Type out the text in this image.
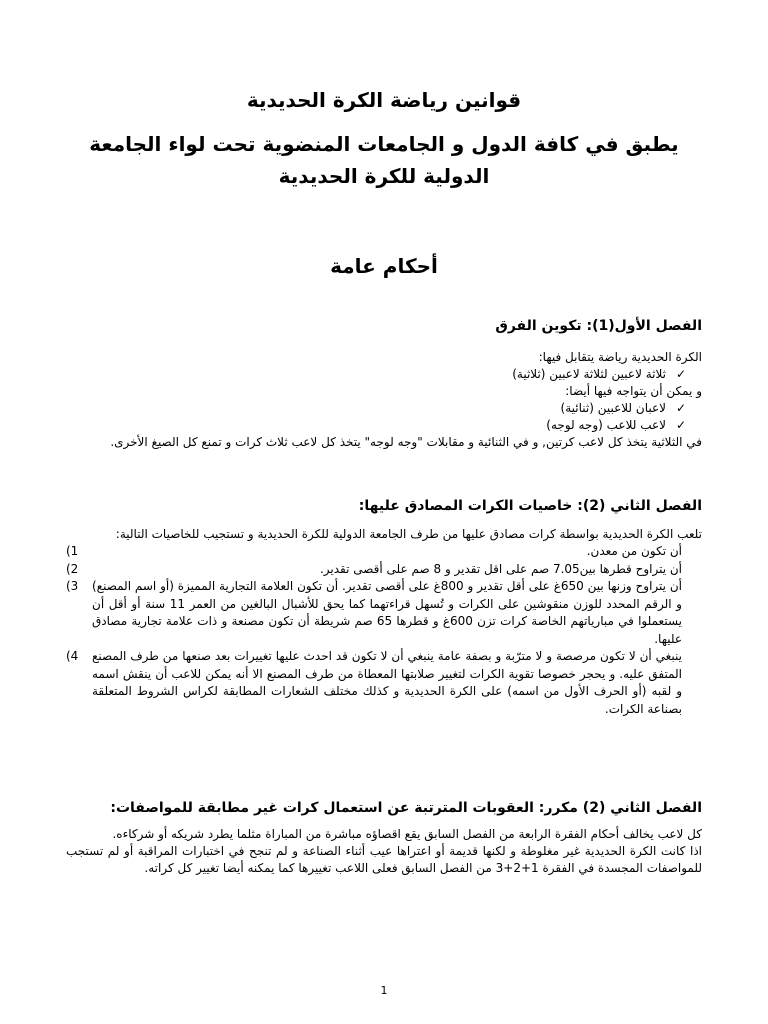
قوانين رياضة الكرة الحديدية

يطبق في كافة الدول و الجامعات المنضوية تحت لواء الجامعة الدولية للكرة الحديدية

أحكام عامة

الفصل الأول(1): تكوين الفرق

الكرة الحديدية رياضة يتقابل فيها:

✓
ثلاثة لاعبين لثلاثة لاعبين (ثلاثية)

و يمكن أن يتواجه فيها أيضا:

✓
لاعبان للاعبين (ثنائية)
✓
لاعب للاعب (وجه لوجه)

في الثلاثية يتخذ كل لاعب كرتين, و في الثنائية و مقابلات "وجه لوجه" يتخذ كل لاعب ثلاث كرات و تمنع كل الصيغ الأخرى.

الفصل الثاني (2): خاصيات الكرات المصادق عليها:

تلعب الكرة الحديدية بواسطة كرات مصادق عليها من طرف الجامعة الدولية للكرة الحديدية و تستجيب للخاصيات التالية:

(1	أن تكون من معدن.
(2	أن يتراوح قطرها بين7.05 صم على اقل تقدير و 8 صم على أقصى تقدير.
(3 أن يتراوح وزنها بين 650غ على أقل تقدير و 800غ على أقصى تقدير. أن تكون العلامة التجارية المميزة (أو اسم المصنع) و الرقم المحدد للوزن منقوشين على الكرات و تُسهل قراءتهما كما يحق للأشبال البالغين من العمر 11 سنة أو أقل أن يستعملوا في مبارياتهم الخاصة كرات تزن 600غ و قطرها 65 صم شريطة أن تكون مصنعة و ذات علامة تجارية مصادق عليها.
(4 ينبغي أن لا تكون مرصصة و لا مترّبة و بصفة عامة ينبغي أن لا تكون قد احدث عليها تغييرات بعد صنعها من طرف المصنع المتفق عليه. و يحجر خصوصا تقوية الكرات لتغيير صلابتها المعطاة من طرف المصنع الا أنه يمكن للاعب أن ينقش اسمه و لقبه (أو الحرف الأول من اسمه) على الكرة الحديدية و كذلك مختلف الشعارات المطابقة لكراس الشروط المتعلقة بصناعة الكرات.

الفصل الثاني (2) مكرر: العقوبات المترتبة عن استعمال كرات غير مطابقة للمواصفات:

كل لاعب يخالف أحكام الفقرة الرابعة من الفصل السابق يقع اقصاؤه مباشرة من المباراة مثلما يطرد شريكه أو شركاءه.

اذا كانت الكرة الحديدية غير مغلوطة و لكنها قديمة أو اعتراها عيب أثناء الصناعة و لم تنجح في اختبارات المراقبة أو لم تستجب للمواصفات المجسدة في الفقرة 1+2+3 من الفصل السابق فعلى اللاعب تغييرها كما يمكنه أيضا تغيير كل كراته.

1
